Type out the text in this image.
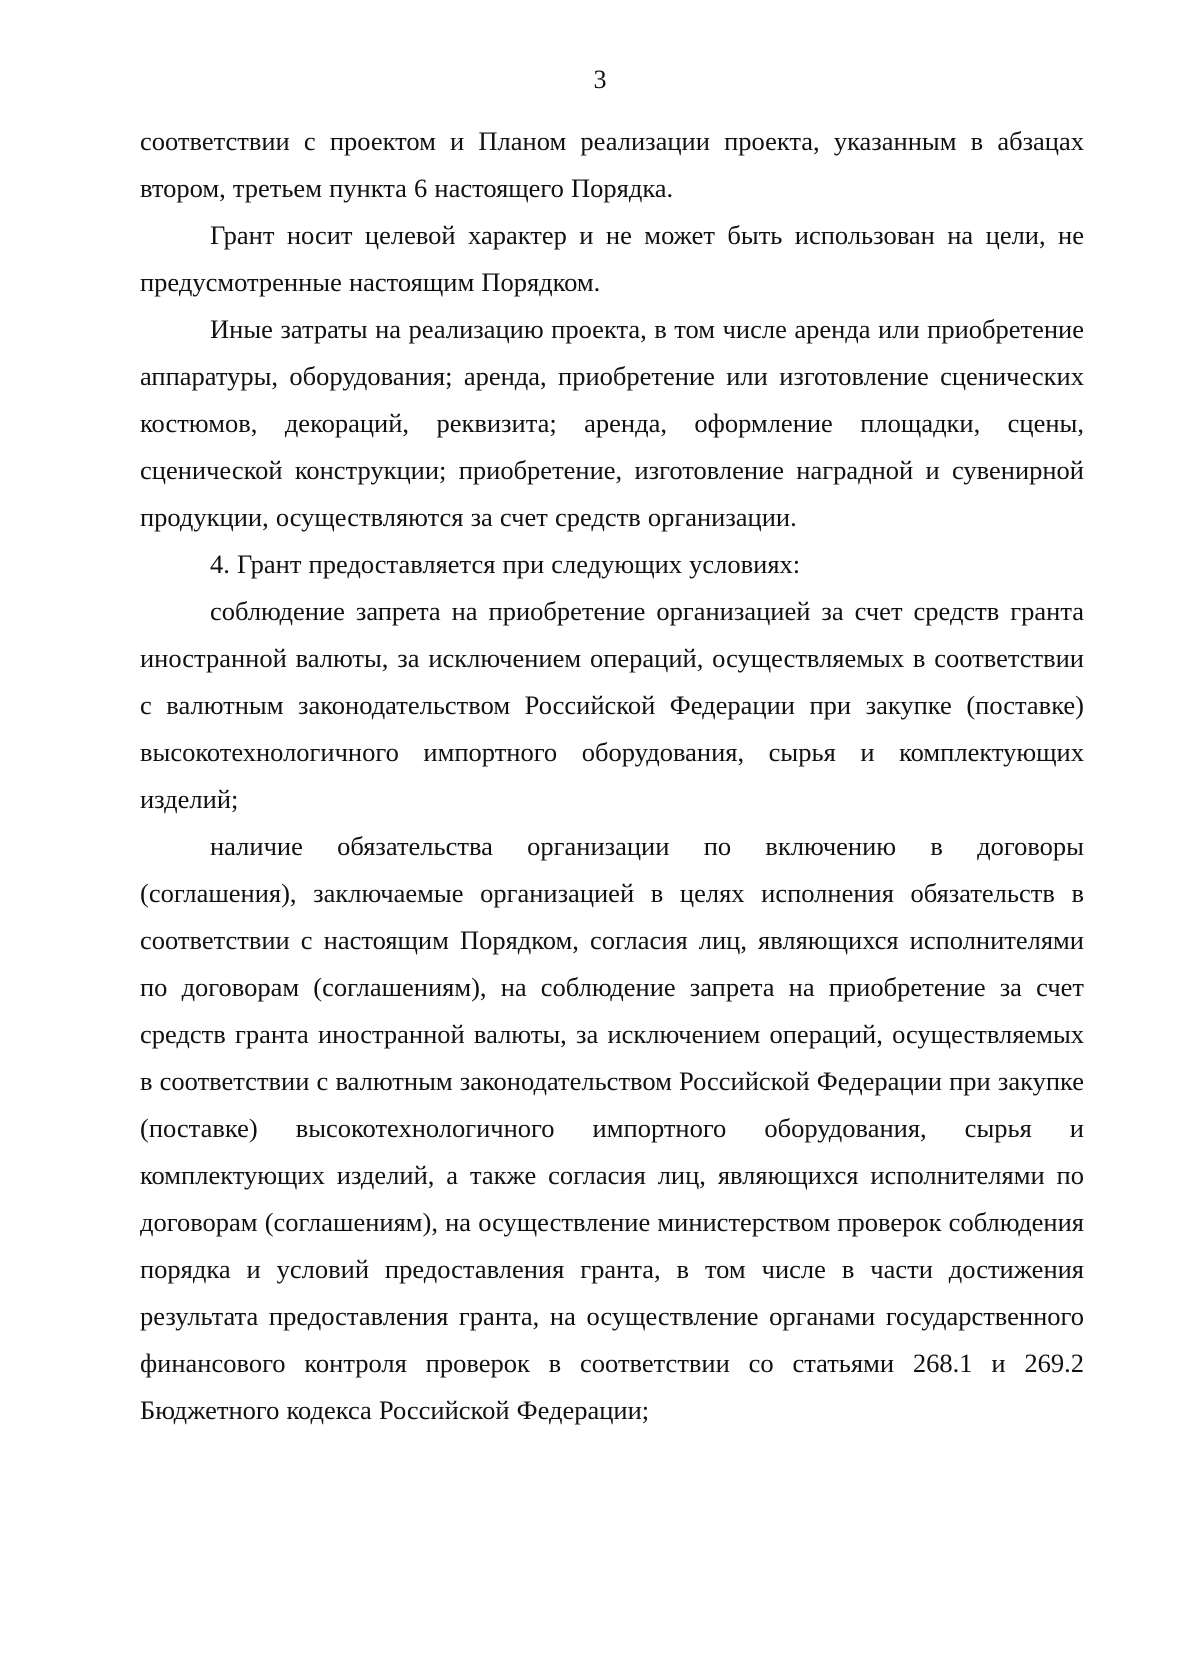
3

соответствии с проектом и Планом реализации проекта, указанным в абзацах втором, третьем пункта 6 настоящего Порядка.

Грант носит целевой характер и не может быть использован на цели, не предусмотренные настоящим Порядком.

Иные затраты на реализацию проекта, в том числе аренда или приобретение аппаратуры, оборудования; аренда, приобретение или изготовление сценических костюмов, декораций, реквизита; аренда, оформление площадки, сцены, сценической конструкции; приобретение, изготовление наградной и сувенирной продукции, осуществляются за счет средств организации.

4. Грант предоставляется при следующих условиях:

соблюдение запрета на приобретение организацией за счет средств гранта иностранной валюты, за исключением операций, осуществляемых в соответствии с валютным законодательством Российской Федерации при закупке (поставке) высокотехнологичного импортного оборудования, сырья и комплектующих изделий;

наличие обязательства организации по включению в договоры (соглашения), заключаемые организацией в целях исполнения обязательств в соответствии с настоящим Порядком, согласия лиц, являющихся исполнителями по договорам (соглашениям), на соблюдение запрета на приобретение за счет средств гранта иностранной валюты, за исключением операций, осуществляемых в соответствии с валютным законодательством Российской Федерации при закупке (поставке) высокотехнологичного импортного оборудования, сырья и комплектующих изделий, а также согласия лиц, являющихся исполнителями по договорам (соглашениям), на осуществление министерством проверок соблюдения порядка и условий предоставления гранта, в том числе в части достижения результата предоставления гранта, на осуществление органами государственного финансового контроля проверок в соответствии со статьями 268.1 и 269.2 Бюджетного кодекса Российской Федерации;
